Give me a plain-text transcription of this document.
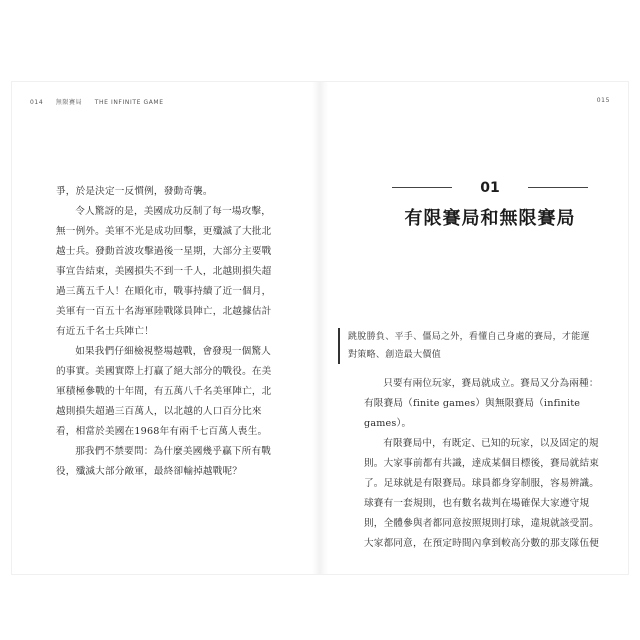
014 無限賽局 THE INFINITE GAME

爭，於是決定一反慣例，發動奇襲。

令人驚訝的是，美國成功反制了每一場攻擊，無一例外。美軍不光是成功回擊，更殲滅了大批北越士兵。發動首波攻擊過後一星期，大部分主要戰事宣告結束，美國損失不到一千人，北越則損失超過三萬五千人！在順化市，戰事持續了近一個月，美軍有一百五十名海軍陸戰隊員陣亡，北越據估計有近五千名士兵陣亡！

如果我們仔細檢視整場越戰，會發現一個驚人的事實。美國實際上打贏了絕大部分的戰役。在美軍積極參戰的十年間，有五萬八千名美軍陣亡，北越則損失超過三百萬人，以北越的人口百分比來看，相當於美國在1968年有兩千七百萬人喪生。

那我們不禁要問：為什麼美國幾乎贏下所有戰役，殲滅大部分敵軍，最終卻輸掉越戰呢？

015
01
有限賽局和無限賽局
跳脫勝負、平手、僵局之外，看懂自己身處的賽局，才能運對策略、創造最大價值

只要有兩位玩家，賽局就成立。賽局又分為兩種：有限賽局（finite games）與無限賽局（infinite games）。

有限賽局中，有既定、已知的玩家，以及固定的規則。大家事前都有共識，達成某個目標後，賽局就結束了。足球就是有限賽局。球員都身穿制服，容易辨識。球賽有一套規則，也有數名裁判在場確保大家遵守規則，全體參與者都同意按照規則打球，違規就該受罰。大家都同意，在預定時間內拿到較高分數的那支隊伍便
